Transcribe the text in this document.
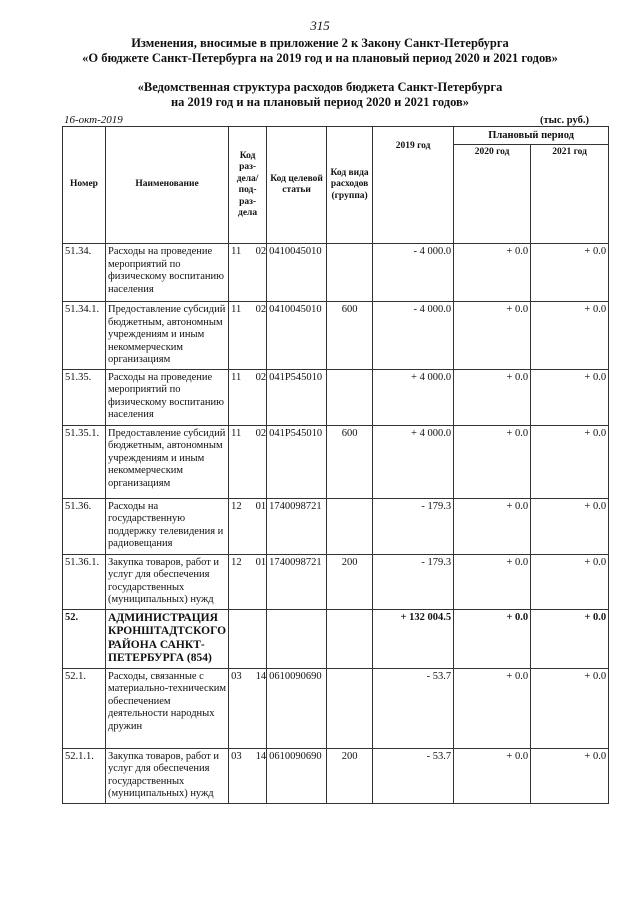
315
Изменения, вносимые в приложение 2 к Закону Санкт-Петербурга
«О бюджете Санкт-Петербурга на 2019 год и на плановый период 2020 и 2021 годов»
«Ведомственная структура расходов бюджета Санкт-Петербурга
на 2019 год и на плановый период 2020 и 2021 годов»
16-окт-2019	(тыс. руб.)
Номер	Наименование	Код раз-дела/ под-раз-дела	Код целевой статьи	Код вида расходов (группа)	2019 год	Плановый период	
						2020 год	2021 год
51.34.	Расходы на проведение мероприятий по физическому воспитанию населения	11 02	0410045010		- 4 000.0	+ 0.0	+ 0.0
51.34.1.	Предоставление субсидий бюджетным, автономным учреждениям и иным некоммерческим организациям	11 02	0410045010	600	- 4 000.0	+ 0.0	+ 0.0
51.35.	Расходы на проведение мероприятий по физическому воспитанию населения	11 02	041P545010		+ 4 000.0	+ 0.0	+ 0.0
51.35.1.	Предоставление субсидий бюджетным, автономным учреждениям и иным некоммерческим организациям	11 02	041P545010	600	+ 4 000.0	+ 0.0	+ 0.0
51.36.	Расходы на государственную поддержку телевидения и радиовещания	12 01	1740098721		- 179.3	+ 0.0	+ 0.0
51.36.1.	Закупка товаров, работ и услуг для обеспечения государственных (муниципальных) нужд	12 01	1740098721	200	- 179.3	+ 0.0	+ 0.0
52.	АДМИНИСТРАЦИЯ КРОНШТАДТСКОГО РАЙОНА САНКТ-ПЕТЕРБУРГА (854)				+ 132 004.5	+ 0.0	+ 0.0
52.1.	Расходы, связанные с материально-техническим обеспечением деятельности народных дружин	03 14	0610090690		- 53.7	+ 0.0	+ 0.0
52.1.1.	Закупка товаров, работ и услуг для обеспечения государственных (муниципальных) нужд	03 14	0610090690	200	- 53.7	+ 0.0	+ 0.0
